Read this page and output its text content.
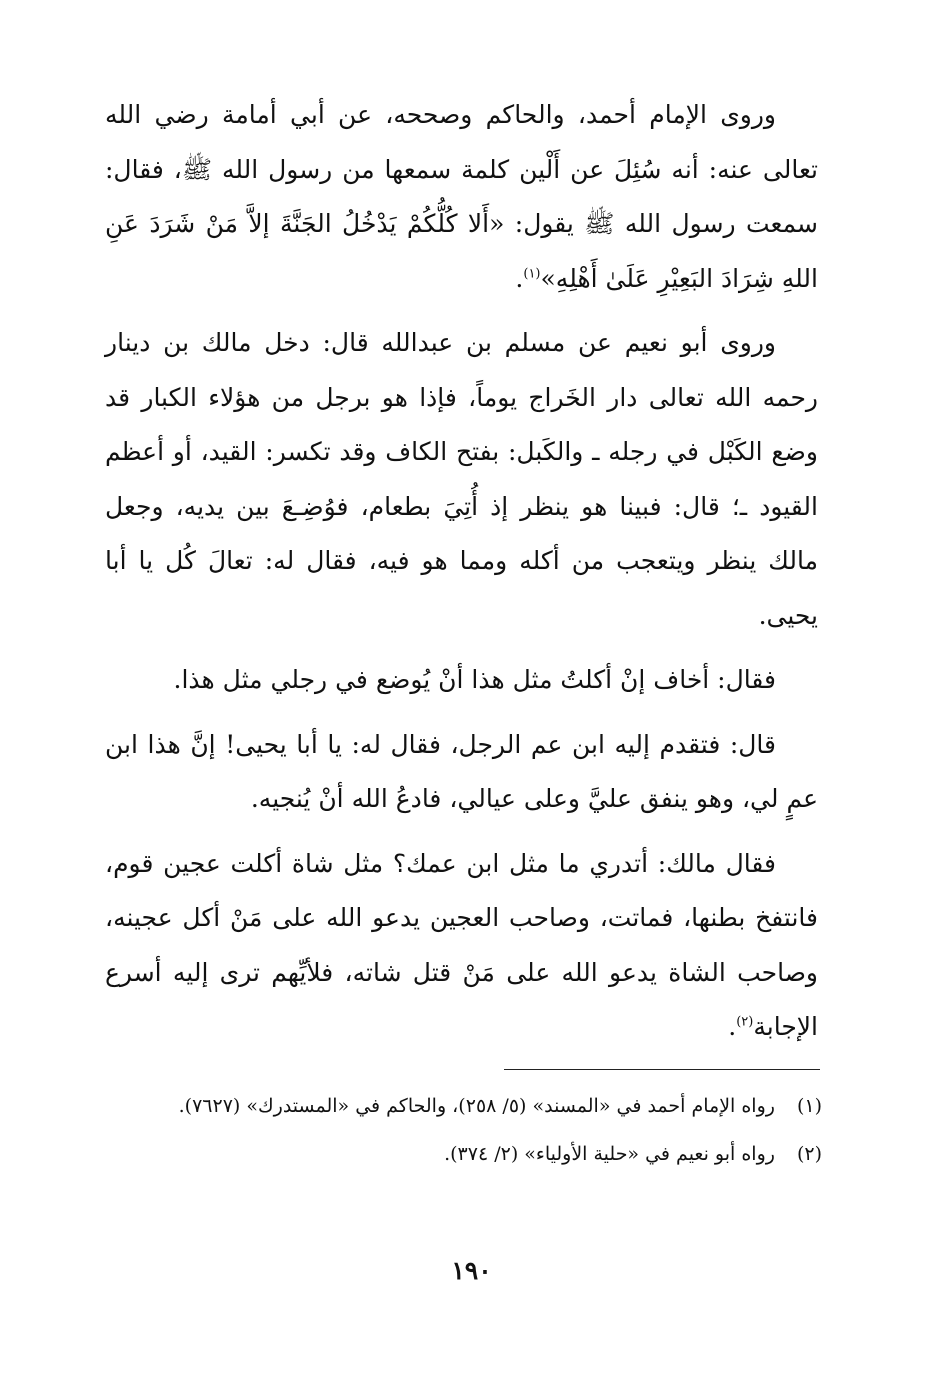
وروى الإمام أحمد، والحاكم وصححه، عن أبي أمامة رضي الله تعالى عنه: أنه سُئِلَ عن أَلْين كلمة سمعها من رسول الله ﷺ، فقال: سمعت رسول الله ﷺ يقول: «أَلا كُلُّكُمْ يَدْخُلُ الجَنَّةَ إلاَّ مَنْ شَرَدَ عَنِ اللهِ شِرَادَ البَعِيْرِ عَلَىٰ أَهْلِهِ»$^{(١)}$.

وروى أبو نعيم عن مسلم بن عبدالله قال: دخل مالك بن دينار رحمه الله تعالى دار الخَراج يوماً، فإذا هو برجل من هؤلاء الكبار قد وضع الكَبْل في رجله ـ والكَبل: بفتح الكاف وقد تكسر: القيد، أو أعظم القيود ـ؛ قال: فبينا هو ينظر إذ أُتِيَ بطعام، فوُضِـعَ بين يديه، وجعل مالك ينظر ويتعجب من أكله ومما هو فيه، فقال له: تعالَ كُل يا أبا يحيى.

فقال: أخاف إنْ أكلتُ مثل هذا أنْ يُوضع في رجلي مثل هذا.

قال: فتقدم إليه ابن عم الرجل، فقال له: يا أبا يحيى! إنَّ هذا ابن عمٍ لي، وهو ينفق عليَّ وعلى عيالي، فادعُ الله أنْ يُنجيه.

فقال مالك: أتدري ما مثل ابن عمك؟ مثل شاة أكلت عجين قوم، فانتفخ بطنها، فماتت، وصاحب العجين يدعو الله على مَنْ أكل عجينه، وصاحب الشاة يدعو الله على مَنْ قتل شاته، فلأيِّهم ترى إليه أسرع الإجابة$^{(٢)}$.

(١)رواه الإمام أحمد في «المسند» (٥/ ٢٥٨)، والحاكم في «المستدرك» (٧٦٢٧).

(٢)رواه أبو نعيم في «حلية الأولياء» (٢/ ٣٧٤).

١٩٠
